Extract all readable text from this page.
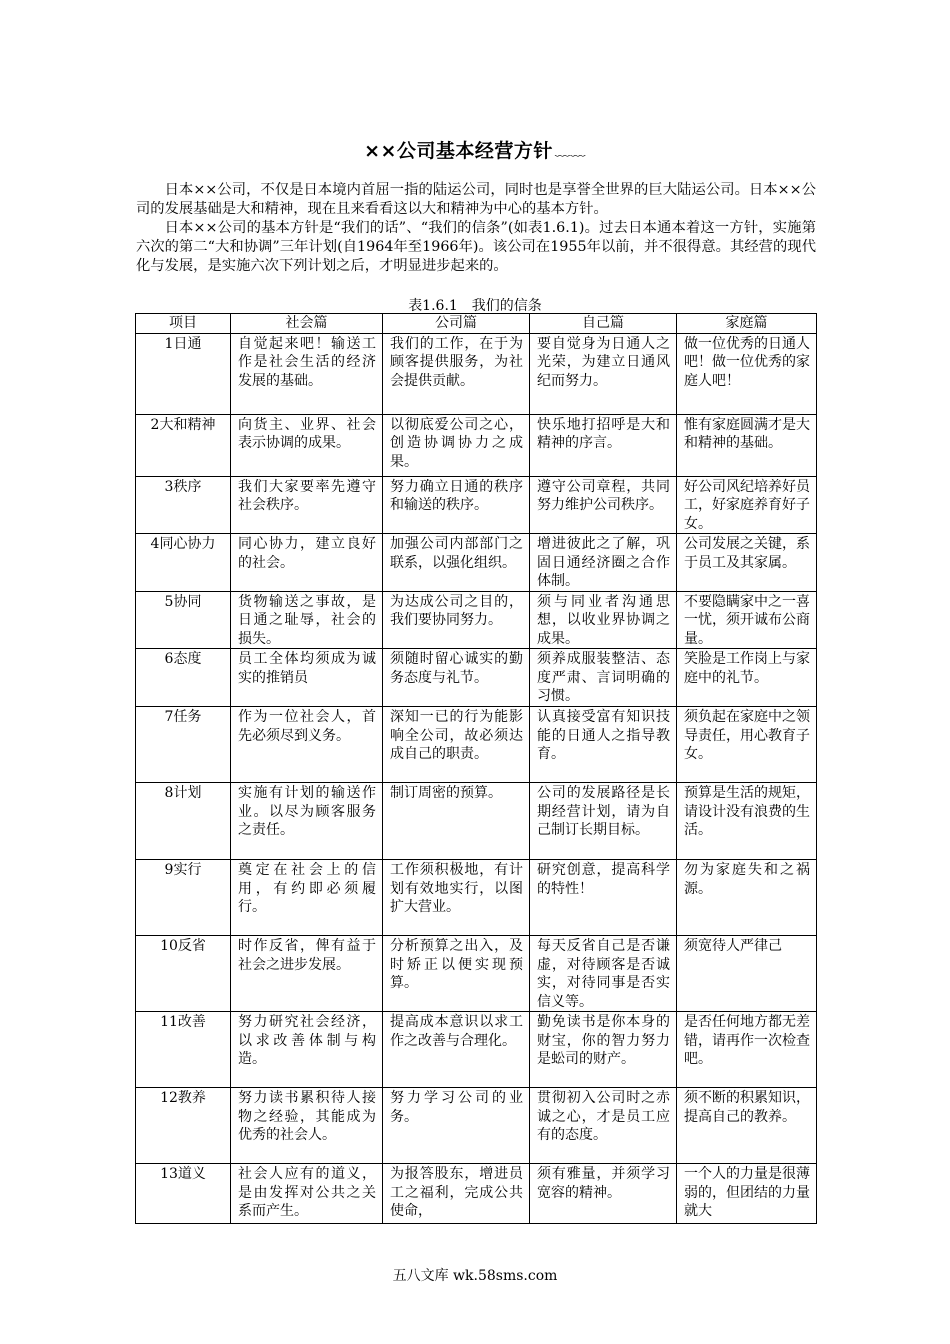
××公司基本经营方针 ﹏﹏

日本××公司，不仅是日本境内首屈一指的陆运公司，同时也是享誉全世界的巨大陆运公司。日本××公司的发展基础是大和精神，现在且来看看这以大和精神为中心的基本方针。

日本××公司的基本方针是“我们的话”、“我们的信条”(如表1.6.1)。过去日本通本着这一方针，实施第六次的第二“大和协调”三年计划(自1964年至1966年)。该公司在1955年以前，并不很得意。其经营的现代化与发展，是实施六次下列计划之后，才明显进步起来的。

表1.6.1　我们的信条
项目	社会篇	公司篇	自己篇	家庭篇
1日通	自觉起来吧！输送工作是社会生活的经济发展的基础。	我们的工作，在于为顾客提供服务，为社会提供贡献。	要自觉身为日通人之光荣，为建立日通风纪而努力。	做一位优秀的日通人吧！做一位优秀的家庭人吧！
2大和精神	向货主、业界、社会表示协调的成果。	以彻底爱公司之心，创造协调协力之成果。	快乐地打招呼是大和精神的序言。	惟有家庭圆满才是大和精神的基础。
3秩序	我们大家要率先遵守社会秩序。	努力确立日通的秩序和输送的秩序。	遵守公司章程，共同努力维护公司秩序。	好公司风纪培养好员工，好家庭养育好子女。
4同心协力	同心协力，建立良好的社会。	加强公司内部部门之联系，以强化组织。	增进彼此之了解，巩固日通经济圈之合作体制。	公司发展之关键，系于员工及其家属。
5协同	货物输送之事故，是日通之耻辱，社会的损失。	为达成公司之目的，我们要协同努力。	须与同业者沟通思想，以收业界协调之成果。	不要隐瞒家中之一喜一忧，须开诚布公商量。
6态度	员工全体均须成为诚实的推销员	须随时留心诚实的勤务态度与礼节。	须养成服装整洁、态度严肃、言词明确的习惯。	笑脸是工作岗上与家庭中的礼节。
7任务	作为一位社会人，首先必须尽到义务。	深知一已的行为能影响全公司，故必须达成自己的职责。	认真接受富有知识技能的日通人之指导教育。	须负起在家庭中之领导责任，用心教育子女。
8计划	实施有计划的输送作业。以尽为顾客服务之责任。	制订周密的预算。	公司的发展路径是长期经营计划，请为自己制订长期目标。	预算是生活的规矩，请设计没有浪费的生活。
9实行	奠定在社会上的信用，有约即必须履行。	工作须积极地，有计划有效地实行，以图扩大营业。	研究创意，提高科学的特性！	勿为家庭失和之祸源。
10反省	时作反省，俾有益于社会之进步发展。	分析预算之出入，及时矫正以便实现预算。	每天反省自己是否谦虚，对待顾客是否诚实，对待同事是否实信义等。	须宽待人严律己
11改善	努力研究社会经济，以求改善体制与构造。	提高成本意识以求工作之改善与合理化。	勤免读书是你本身的财宝，你的智力努力是蚣司的财产。	是否任何地方都无差错，请再作一次检查吧。
12教养	努力读书累积待人接物之经验，其能成为优秀的社会人。	努力学习公司的业务。	贯彻初入公司时之赤诚之心，才是员工应有的态度。	须不断的积累知识，提高自己的教养。
13道义	社会人应有的道义，是由发挥对公共之关系而产生。	为报答股东，增进员工之福利，完成公共使命，	须有雅量，并须学习宽容的精神。	一个人的力量是很薄弱的，但团结的力量就大
五八文库 wk.58sms.com
